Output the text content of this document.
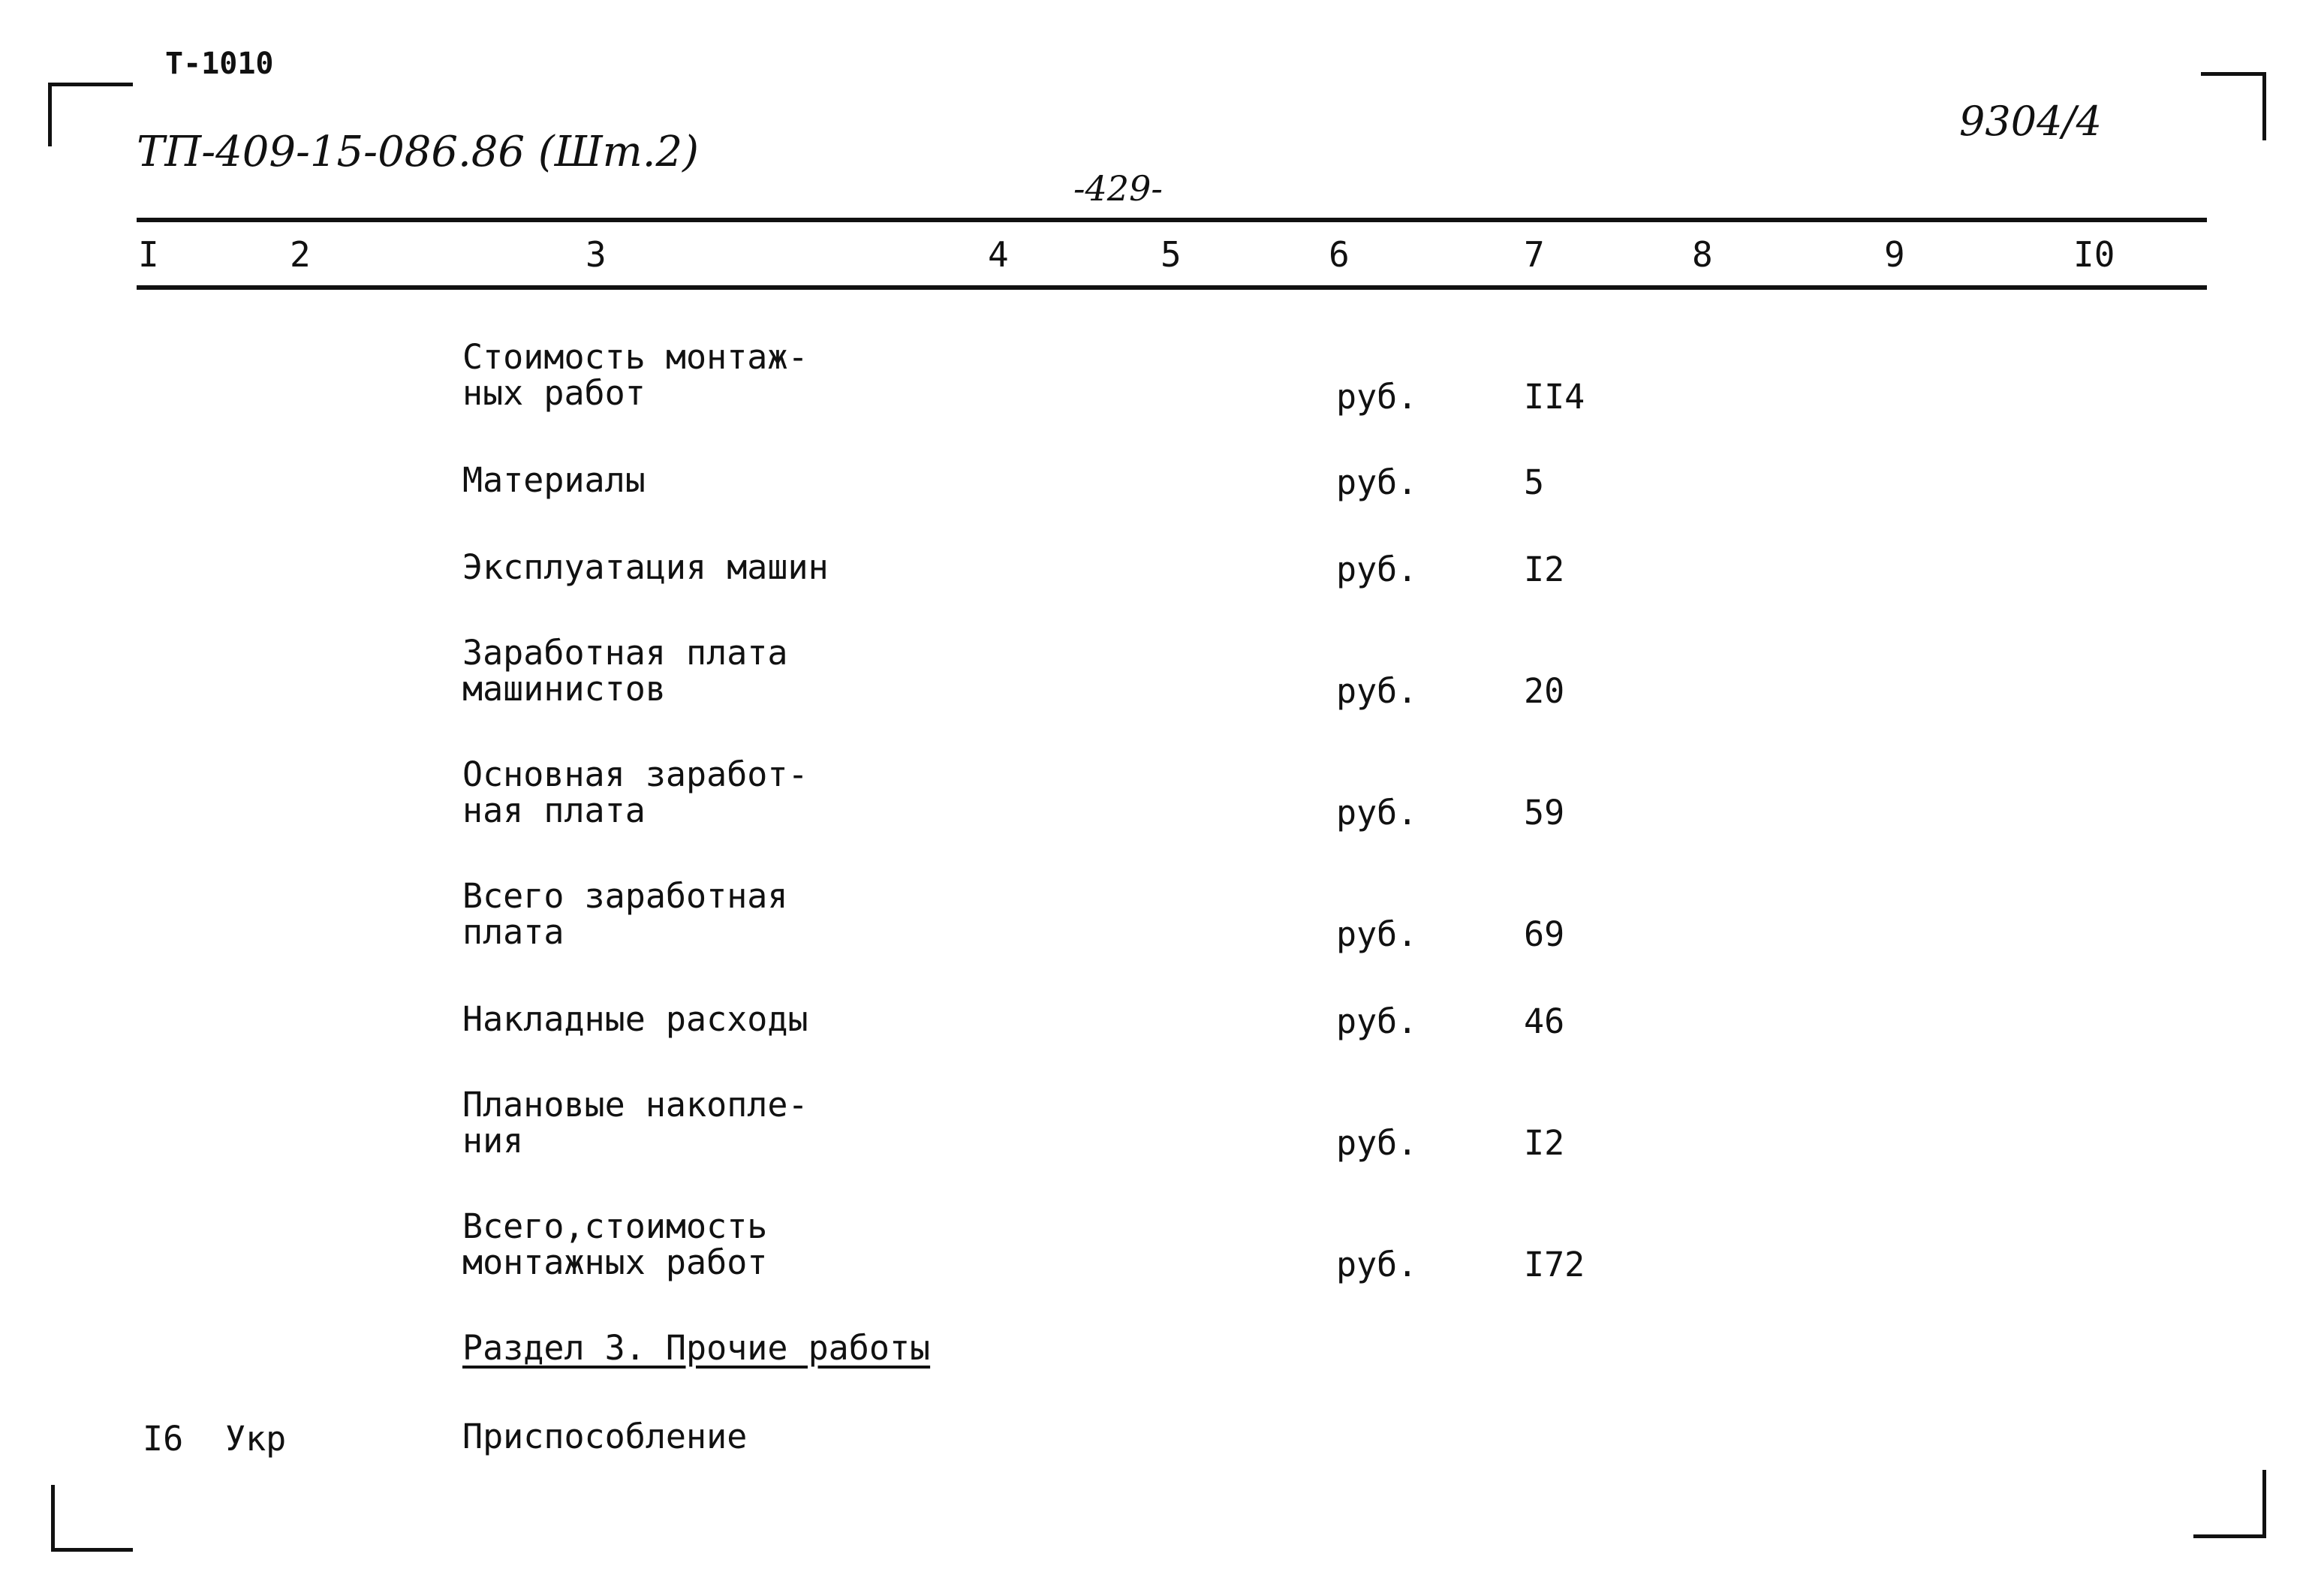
Т-1010
ТП-409-15-086.86 (Шт.2)
-429-
9304/4
I	2	3	4	5	6	7	8	9	I0
Стоимость монтаж-
ных работ	руб.	II4
Материалы	руб.	5
Эксплуатация машин	руб.	I2
Заработная плата
машинистов	руб.	20
Основная заработ-
ная плата	руб.	59
Всего заработная
плата	руб.	69
Накладные расходы	руб.	46
Плановые накопле-
ния	руб.	I2
Всего,стоимость
монтажных работ	руб.	I72
Раздел 3. Прочие работы
I6 Укр	Приспособление
